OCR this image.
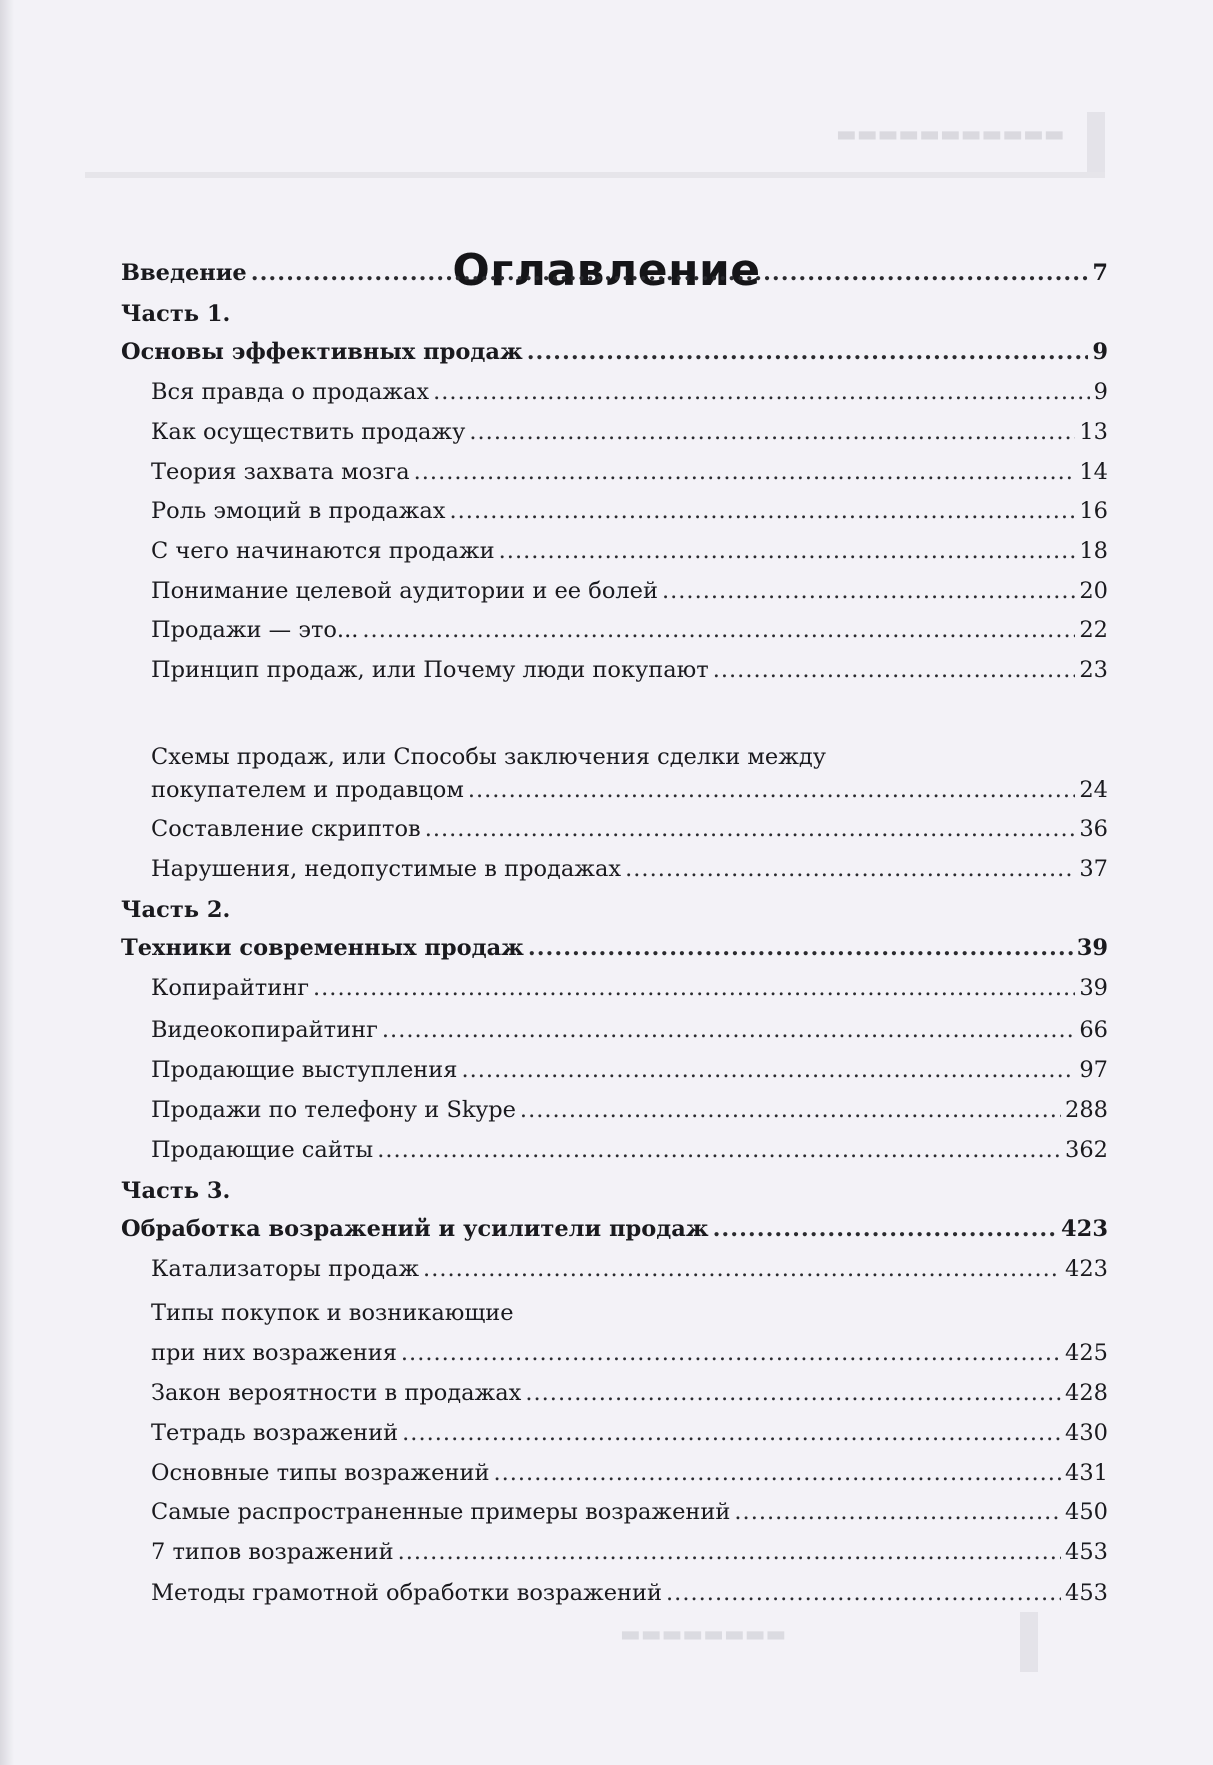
▬▬▬▬▬▬▬▬▬▬▬
▬▬▬▬▬▬▬▬
Оглавление
Введение .....	7
Часть 1.
Основы эффективных продаж .....	9
Вся правда о продажах .....	9
Как осуществить продажу .....	13
Теория захвата мозга .....	14
Роль эмоций в продажах .....	16
С чего начинаются продажи .....	18
Понимание целевой аудитории и ее болей .....	20
Продажи — это... .....	22
Принцип продаж, или Почему люди покупают .....	23
Схемы продаж, или Способы заключения сделки между
покупателем и продавцом .....	24
Составление скриптов .....	36
Нарушения, недопустимые в продажах .....	37
Часть 2.
Техники современных продаж .....	39
Копирайтинг .....	39
Видеокопирайтинг .....	66
Продающие выступления .....	97
Продажи по телефону и Skype .....	288
Продающие сайты .....	362
Часть 3.
Обработка возражений и усилители продаж .....	423
Катализаторы продаж .....	423
Типы покупок и возникающие
при них возражения .....	425
Закон вероятности в продажах .....	428
Тетрадь возражений .....	430
Основные типы возражений .....	431
Самые распространенные примеры возражений .....	450
7 типов возражений .....	453
Методы грамотной обработки возражений .....	453
